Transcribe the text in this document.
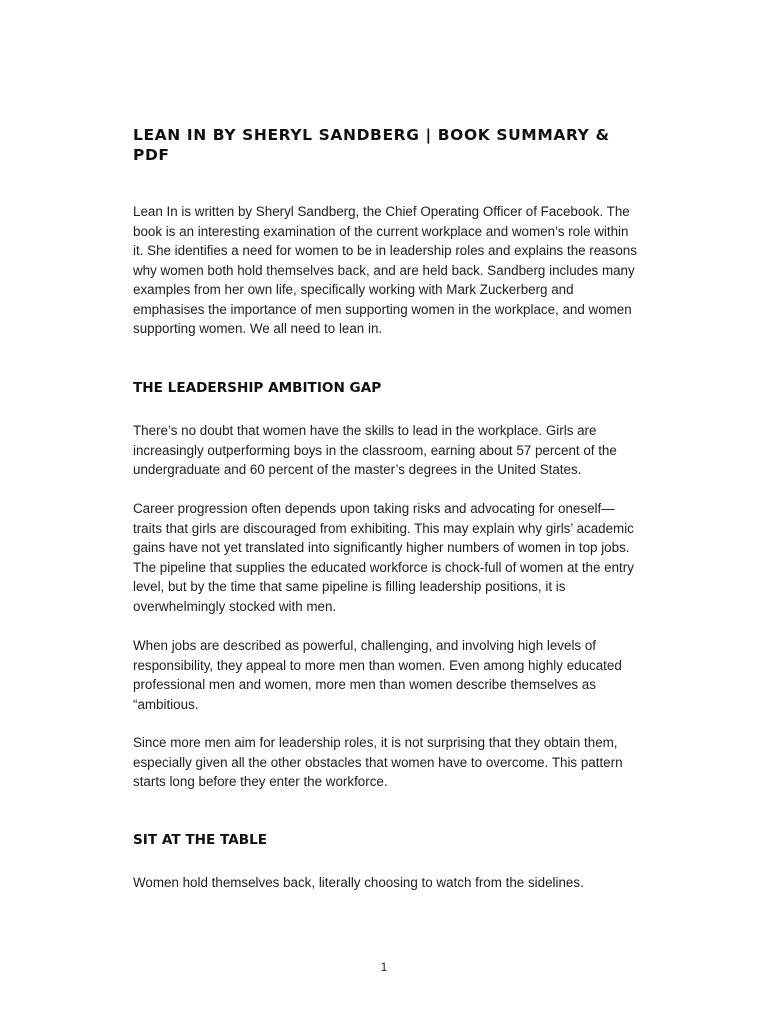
LEAN IN BY SHERYL SANDBERG | BOOK SUMMARY & PDF

Lean In is written by Sheryl Sandberg, the Chief Operating Officer of Facebook. The book is an interesting examination of the current workplace and women’s role within it. She identifies a need for women to be in leadership roles and explains the reasons why women both hold themselves back, and are held back. Sandberg includes many examples from her own life, specifically working with Mark Zuckerberg and emphasises the importance of men supporting women in the workplace, and women supporting women. We all need to lean in.

THE LEADERSHIP AMBITION GAP

There’s no doubt that women have the skills to lead in the workplace. Girls are increasingly outperforming boys in the classroom, earning about 57 percent of the undergraduate and 60 percent of the master’s degrees in the United States.

Career progression often depends upon taking risks and advocating for oneself—traits that girls are discouraged from exhibiting. This may explain why girls’ academic gains have not yet translated into significantly higher numbers of women in top jobs. The pipeline that supplies the educated workforce is chock-full of women at the entry level, but by the time that same pipeline is filling leadership positions, it is overwhelmingly stocked with men.

When jobs are described as powerful, challenging, and involving high levels of responsibility, they appeal to more men than women. Even among highly educated professional men and women, more men than women describe themselves as “ambitious.

Since more men aim for leadership roles, it is not surprising that they obtain them, especially given all the other obstacles that women have to overcome. This pattern starts long before they enter the workforce.

SIT AT THE TABLE

Women hold themselves back, literally choosing to watch from the sidelines.

1
